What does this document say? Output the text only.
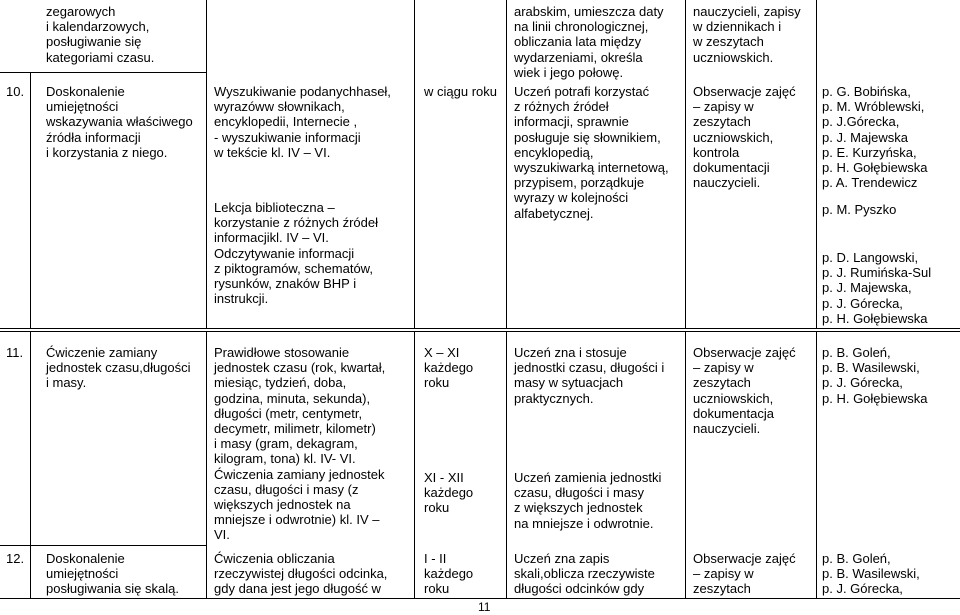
zegarowych
i kalendarzowych,
posługiwanie się
kategoriami czasu.
arabskim, umieszcza daty
na linii chronologicznej,
obliczania lata między
wydarzeniami, określa
wiek i jego połowę.
nauczycieli, zapisy
w dziennikach i
w zeszytach
uczniowskich.
10. Doskonalenie
umiejętności
wskazywania właściwego
źródła informacji
i korzystania z niego.
Wyszukiwanie podanychhaseł,
wyrazóww słownikach,
encyklopedii, Internecie ,
- wyszukiwanie informacji
w tekście kl. IV – VI.
Lekcja biblioteczna –
korzystanie z różnych źródeł
informacjikl. IV – VI.
Odczytywanie informacji
z piktogramów, schematów,
rysunków, znaków BHP i
instrukcji.
w ciągu roku Uczeń potrafi korzystać
z różnych źródeł
informacji, sprawnie
posługuje się słownikiem,
encyklopedią,
wyszukiwarką internetową,
przypisem, porządkuje
wyrazy w kolejności
alfabetycznej.
Obserwacje zajęć
– zapisy w
zeszytach
uczniowskich,
kontrola
dokumentacji
nauczycieli.
p. G. Bobińska,
p. M. Wróblewski,
p. J.Górecka,
p. J. Majewska
p. E. Kurzyńska,
p. H. Gołębiewska
p. A. Trendewicz
p. M. Pyszko
p. D. Langowski,
p. J. Rumińska-Sul
p. J. Majewska,
p. J. Górecka,
p. H. Gołębiewska
11. Ćwiczenie zamiany
jednostek czasu,długości
i masy.
Prawidłowe stosowanie
jednostek czasu (rok, kwartał,
miesiąc, tydzień, doba,
godzina, minuta, sekunda),
długości (metr, centymetr,
decymetr, milimetr, kilometr)
i masy (gram, dekagram,
kilogram, tona) kl. IV- VI.
Ćwiczenia zamiany jednostek
czasu, długości i masy (z
większych jednostek na
mniejsze i odwrotnie) kl. IV –
VI.
Ćwiczenia obliczania
rzeczywistej długości odcinka,
gdy dana jest jego długość w
X – XI
każdego
roku
XI - XII
każdego
roku
I - II
każdego
roku
Uczeń zna i stosuje
jednostki czasu, długości i
masy w sytuacjach
praktycznych.
Uczeń zamienia jednostki
czasu, długości i masy
z większych jednostek
na mniejsze i odwrotnie.
Uczeń zna zapis
skali,oblicza rzeczywiste
długości odcinków gdy
Obserwacje zajęć
– zapisy w
zeszytach
uczniowskich,
dokumentacja
nauczycieli.
Obserwacje zajęć
– zapisy w
zeszytach
p. B. Goleń,
p. B. Wasilewski,
p. J. Górecka,
p. H. Gołębiewska
p. B. Goleń,
p. B. Wasilewski,
p. J. Górecka,
12. Doskonalenie
umiejętności
posługiwania się skalą.
11
